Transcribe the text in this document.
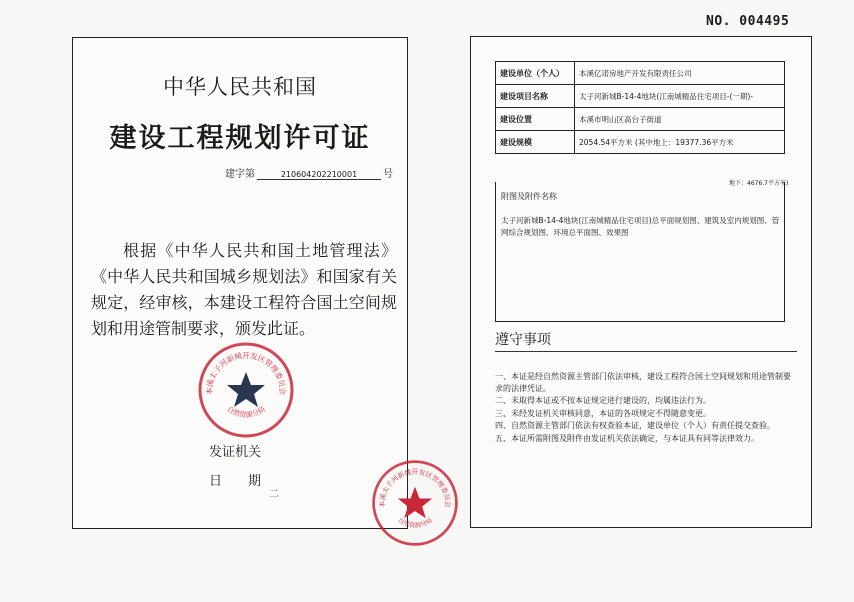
NO. 004495
中华人民共和国
建设工程规划许可证
建字第	210604202210001	号
根据《中华人民共和国土地管理法》《中华人民共和国城乡规划法》和国家有关规定，经审核，本建设工程符合国土空间规划和用途管制要求，颁发此证。
发证机关
日　　期
二
建设单位（个人）	本溪亿诺房地产开发有限责任公司
建设项目名称	太子河新城B-14-4地块(江南城精品住宅项目-(一期)-
建设位置	本溪市明山区高台子街道
建设规模	2054.54平方米 (其中地上：19377.36平方米
地下：4676.7平方米)
附图及附件名称
太子河新城B-14-4地块(江南城精品住宅项目)总平面规划图、建筑及室内规划图、管网综合规划图、环境总平面图、效果图
遵守事项
一、本证是经自然资源主管部门依法审核，建设工程符合国土空间规划和用途管制要求的法律凭证。
二、未取得本证或不按本证规定进行建设的，均属违法行为。
三、未经发证机关审核同意，本证的各项规定不得随意变更。
四、自然资源主管部门依法有权查验本证，建设单位（个人）有责任提交查验。
五、本证所需附图及附件由发证机关依法确定，与本证具有同等法律效力。
本溪太子河新城开发区管理委员会
自然资源分局
本溪太子河新城开发区管理委员会
自然资源分局
